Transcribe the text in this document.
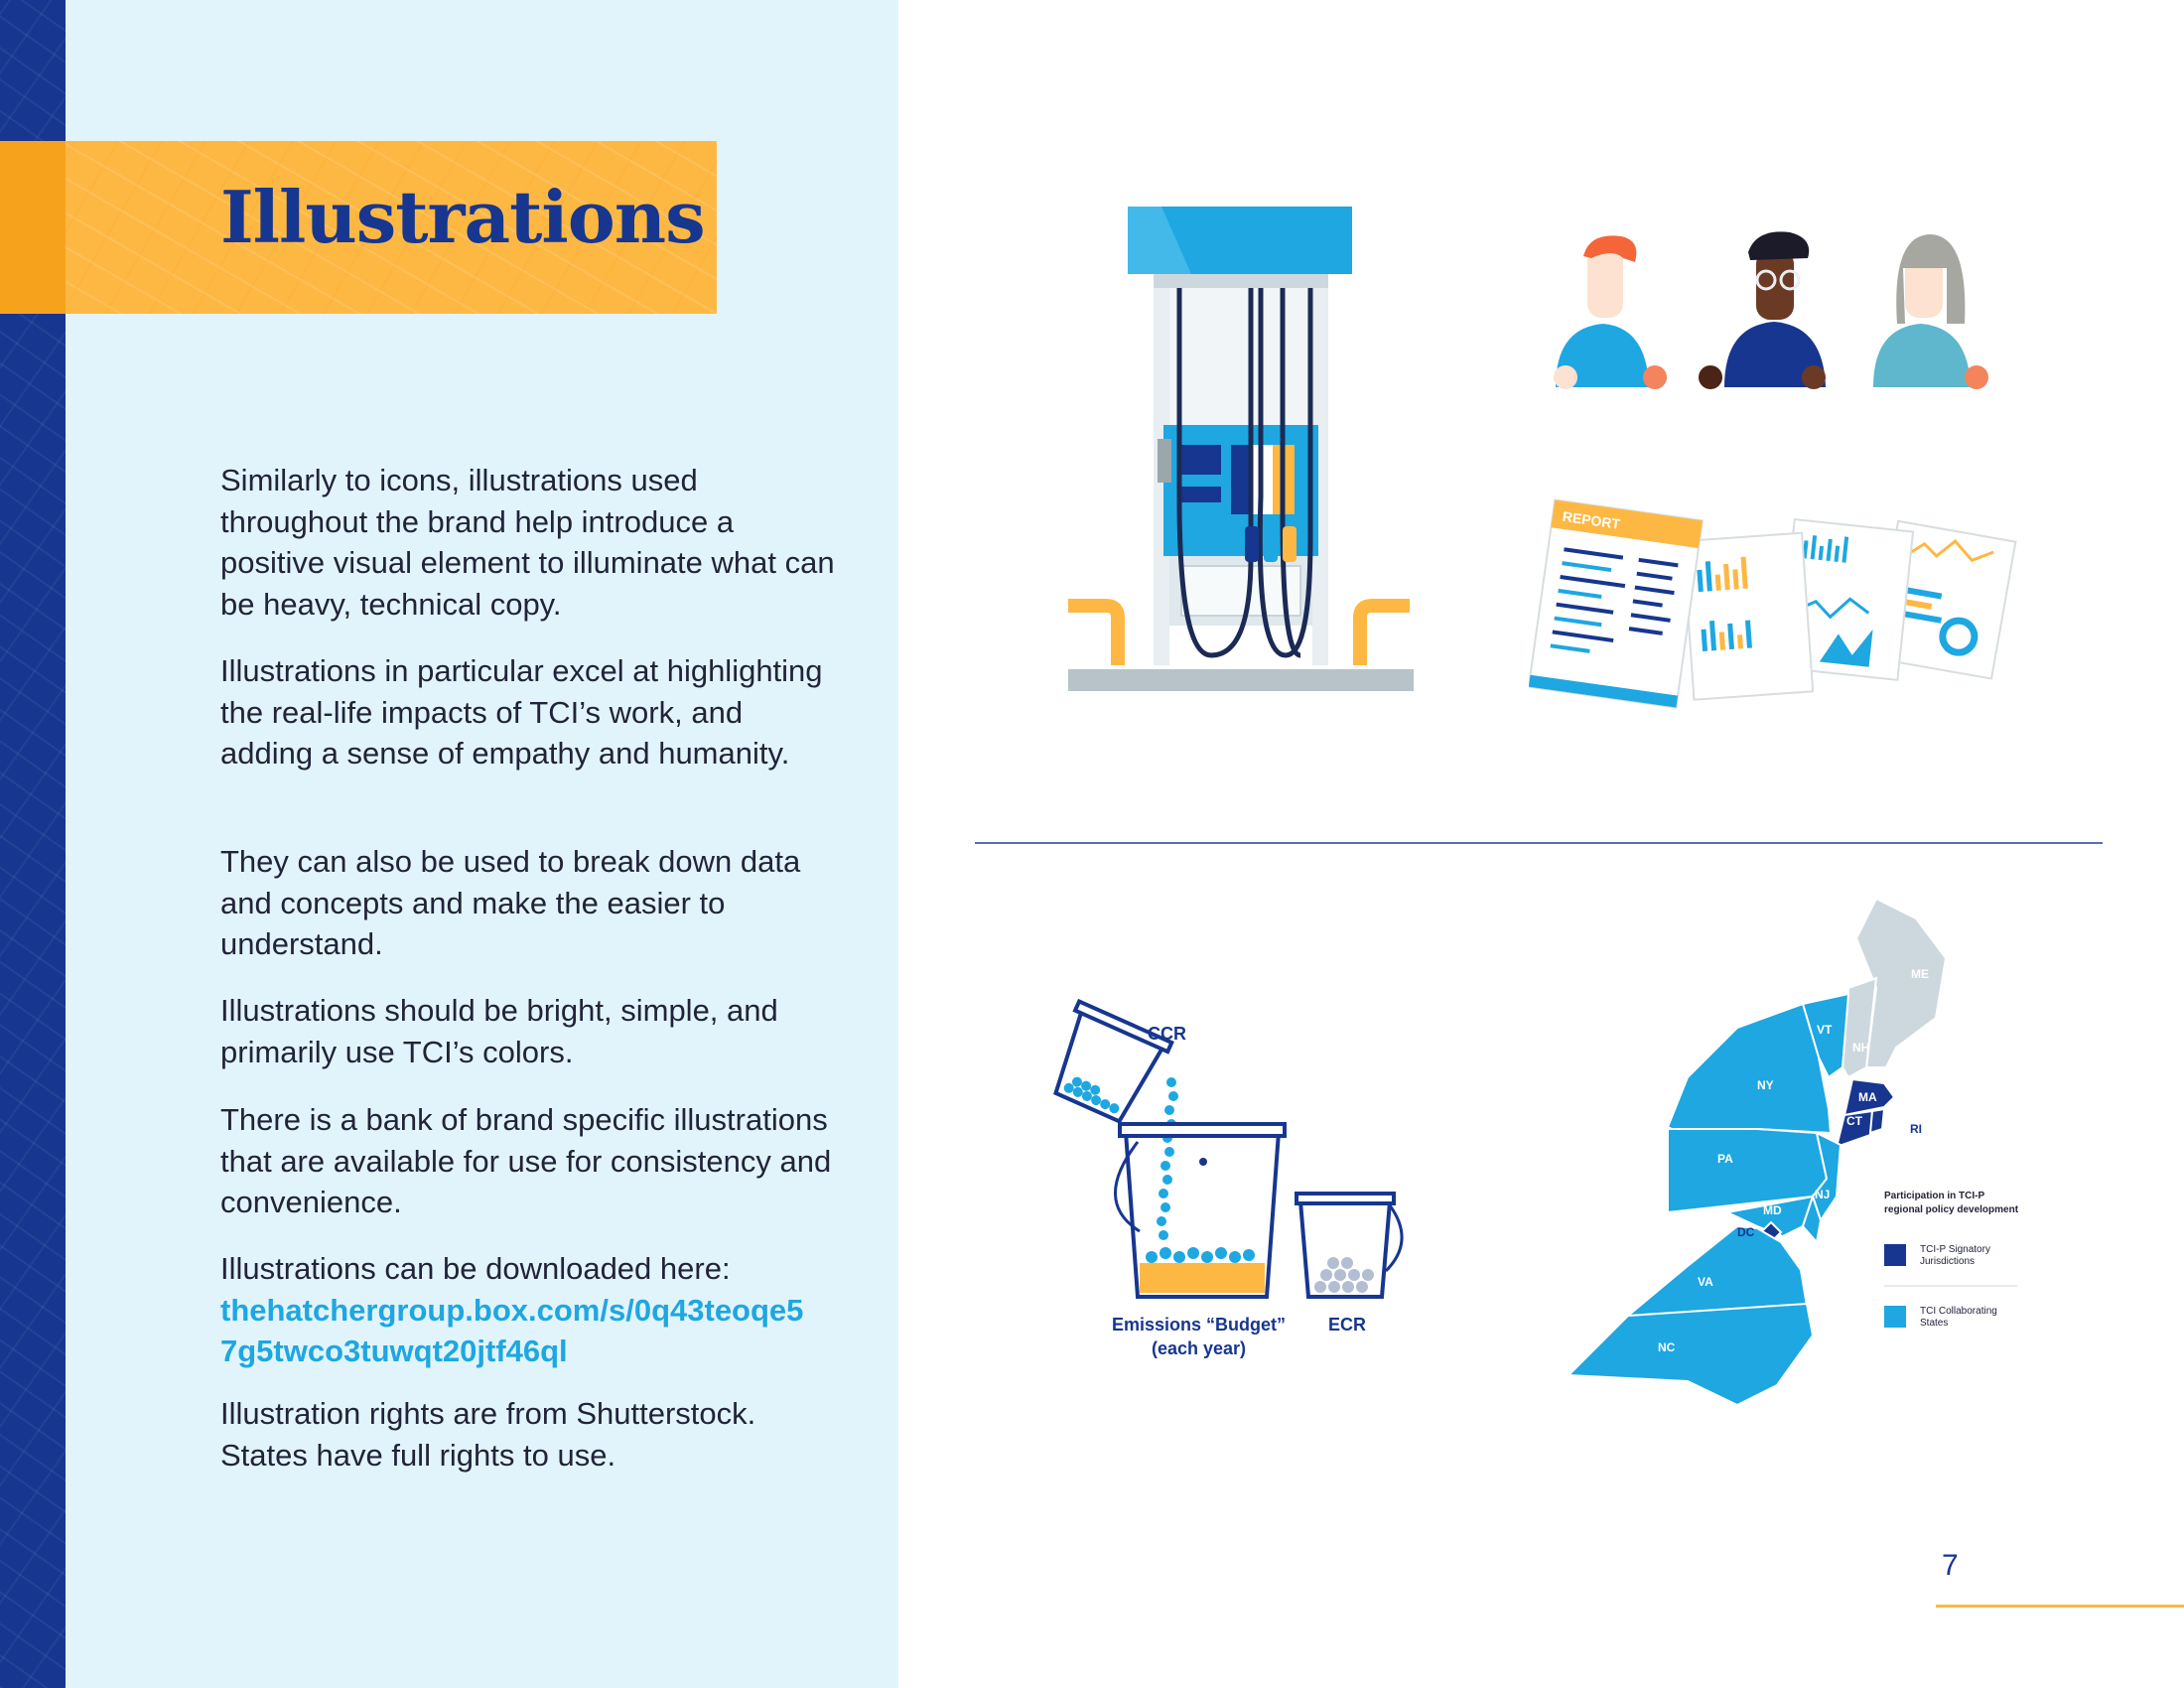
Illustrations
Similarly to icons, illustrations used throughout the brand help introduce a positive visual element to illuminate what can be heavy, technical copy.
Illustrations in particular excel at highlighting the real-life impacts of TCI’s work, and adding a sense of empathy and humanity.
They can also be used to break down data and concepts and make the easier to understand.
Illustrations should be bright, simple, and primarily use TCI’s colors.
There is a bank of brand specific illustrations that are available for use for consistency and convenience.
Illustrations can be downloaded here:
thehatchergroup.box.com/s/0q43teoqe57g5twco3tuwqt20jtf46ql
Illustration rights are from Shutterstock. States have full rights to use.
REPORT
CCR
Emissions “Budget”
(each year)
ECR
ME
NH
VT
NY
MA
CT
PA
NJ
MD
DE
VA
NC
RI
DC
Participation in TCI-P
regional policy development
TCI-P Signatory
Jurisdictions
TCI Collaborating
States
7
